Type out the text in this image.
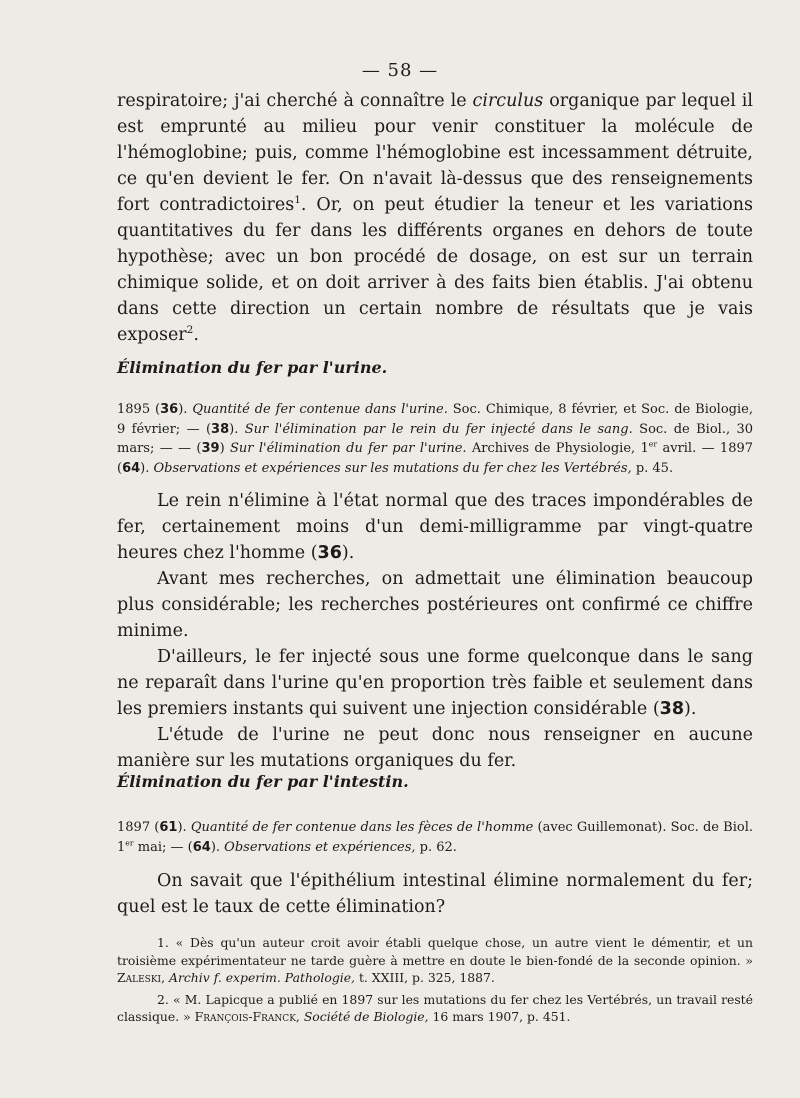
— 58 —

respiratoire; j'ai cherché à connaître le circulus organique par lequel il est emprunté au milieu pour venir constituer la molécule de l'hémoglobine; puis, comme l'hémoglobine est incessamment détruite, ce qu'en devient le fer. On n'avait là-dessus que des renseignements fort contradictoires$^1$. Or, on peut étudier la teneur et les variations quantitatives du fer dans les différents organes en dehors de toute hypothèse; avec un bon procédé de dosage, on est sur un terrain chimique solide, et on doit arriver à des faits bien établis. J'ai obtenu dans cette direction un certain nombre de résultats que je vais exposer$^2$.

Élimination du fer par l'urine.

1895 (36). Quantité de fer contenue dans l'urine. Soc. Chimique, 8 février, et Soc. de Biologie, 9 février; — (38). Sur l'élimination par le rein du fer injecté dans le sang. Soc. de Biol., 30 mars; — — (39) Sur l'élimination du fer par l'urine. Archives de Physiologie, 1er avril. — 1897 (64). Observations et expériences sur les mutations du fer chez les Vertébrés, p. 45.

Le rein n'élimine à l'état normal que des traces impondérables de fer, certainement moins d'un demi-milligramme par vingt-quatre heures chez l'homme (36).

Avant mes recherches, on admettait une élimination beaucoup plus considérable; les recherches postérieures ont confirmé ce chiffre minime.

D'ailleurs, le fer injecté sous une forme quelconque dans le sang ne reparaît dans l'urine qu'en proportion très faible et seulement dans les premiers instants qui suivent une injection considérable (38).

L'étude de l'urine ne peut donc nous renseigner en aucune manière sur les mutations organiques du fer.

Élimination du fer par l'intestin.

1897 (61). Quantité de fer contenue dans les fèces de l'homme (avec Guillemonat). Soc. de Biol. 1er mai; — (64). Observations et expériences, p. 62.

On savait que l'épithélium intestinal élimine normalement du fer; quel est le taux de cette élimination?

1. « Dès qu'un auteur croit avoir établi quelque chose, un autre vient le démentir, et un troisième expérimentateur ne tarde guère à mettre en doute le bien-fondé de la seconde opinion. » Zaleski, Archiv f. experim. Pathologie, t. XXIII, p. 325, 1887.

2. « M. Lapicque a publié en 1897 sur les mutations du fer chez les Vertébrés, un travail resté classique. » François-Franck, Société de Biologie, 16 mars 1907, p. 451.
